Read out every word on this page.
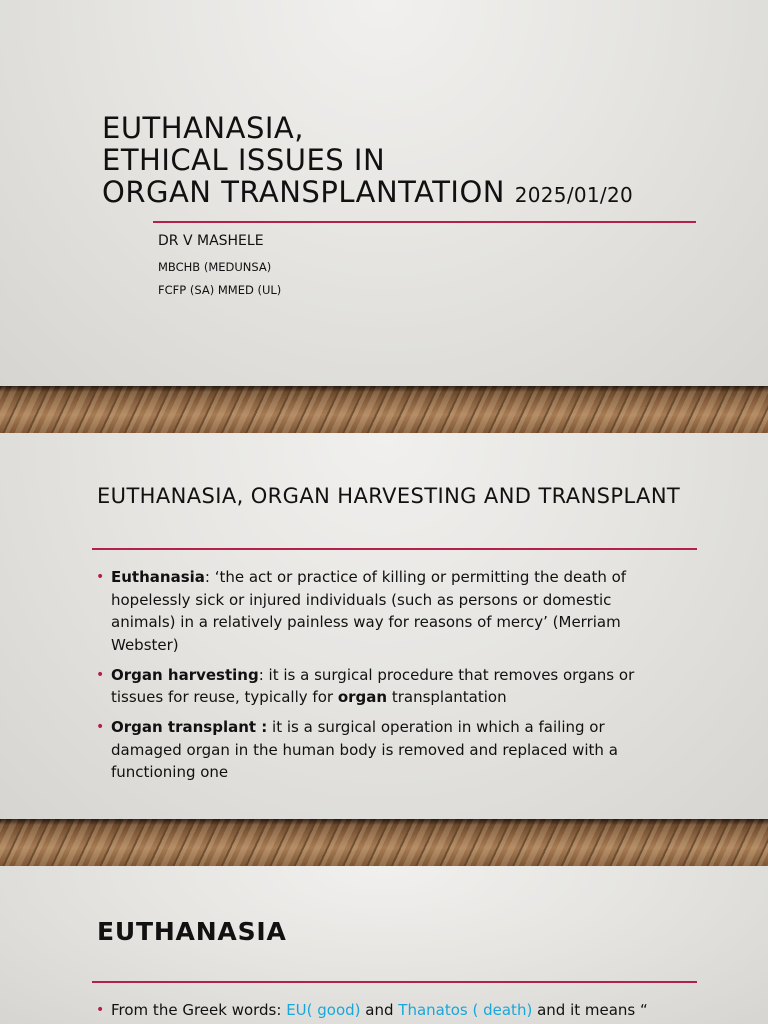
EUTHANASIA,
ETHICAL ISSUES IN
ORGAN TRANSPLANTATION 2025/01/20
DR V MASHELE
MBCHB (MEDUNSA)
FCFP (SA) MMED (UL)
EUTHANASIA, ORGAN HARVESTING AND TRANSPLANT
• Euthanasia: ‘the act or practice of killing or permitting the death of hopelessly sick or injured individuals (such as persons or domestic animals) in a relatively painless way for reasons of mercy’ (Merriam Webster)
• Organ harvesting: it is a surgical procedure that removes organs or tissues for reuse, typically for organ transplantation
• Organ transplant : it is a surgical operation in which a failing or damaged organ in the human body is removed and replaced with a functioning one
EUTHANASIA
• From the Greek words: EU( good) and Thanatos ( death) and it means “
